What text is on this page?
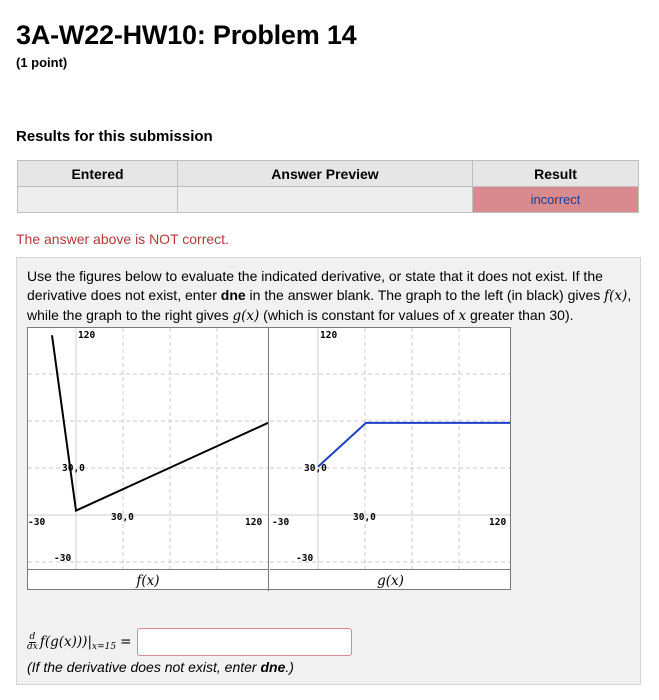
3A-W22-HW10: Problem 14
(1 point)
Results for this submission
Entered	Answer Preview	Result
		incorrect
The answer above is NOT correct.
Use the figures below to evaluate the indicated derivative, or state that it does not exist. If the derivative does not exist, enter dne in the answer blank. The graph to the left (in black) gives f(x), while the graph to the right gives g(x) (which is constant for values of x greater than 30).
120
30,0
-30
-30	30,0	120
f(x)
120
30,0
-30
-30	30,0	120
g(x)
$\frac{d}{dx} f(g(x))$ )| x=15 =
(If the derivative does not exist, enter dne.)
